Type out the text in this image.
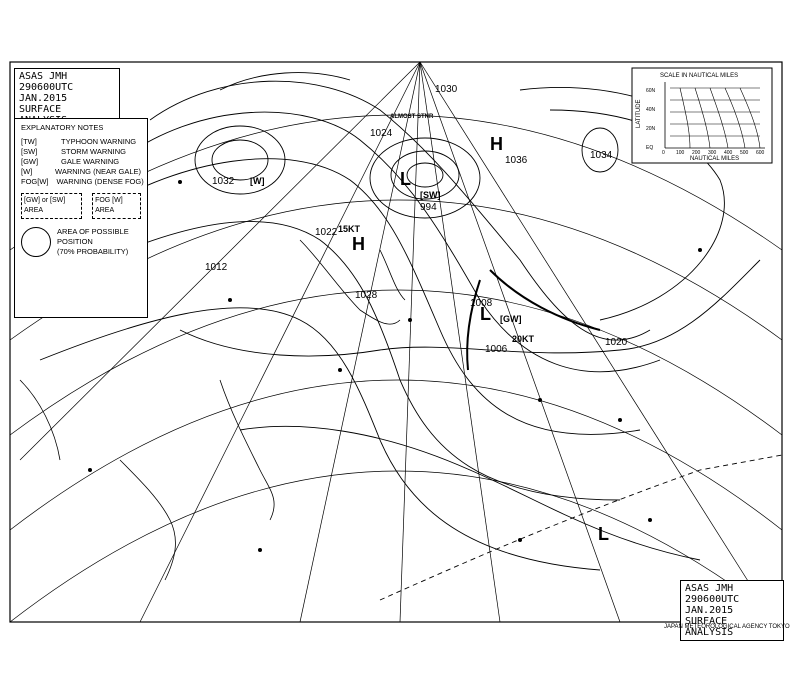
1030
1024
1036
994
1022
1028
1008
1006
1012
1020
1032
1034
H
L
H
L
L
[SW]
[GW]
[W]
15KT
20KT
ALMOST STNR
SCALE IN NAUTICAL MILES
LATITUDE
NAUTICAL MILES
60N
40N
20N
EQ
0 100 200 300 400 500 600
ASAS JMH
290600UTC JAN.2015
SURFACE
EXPLANATORY NOTES
[TW]	TYPHOON WARNING
[SW]	STORM WARNING
[GW]	GALE WARNING
[W]	WARNING (NEAR GALE)
FOG[W] WARNING (DENSE FOG)
[GW] or [SW] AREA
FOG [W] AREA
AREA OF POSSIBLE
POSITION
(70% PROBABILITY)
ASAS JMH
290600UTC JAN.2015
SURFACE ANALYSIS
JAPAN METEOROLOGICAL AGENCY TOKYO
